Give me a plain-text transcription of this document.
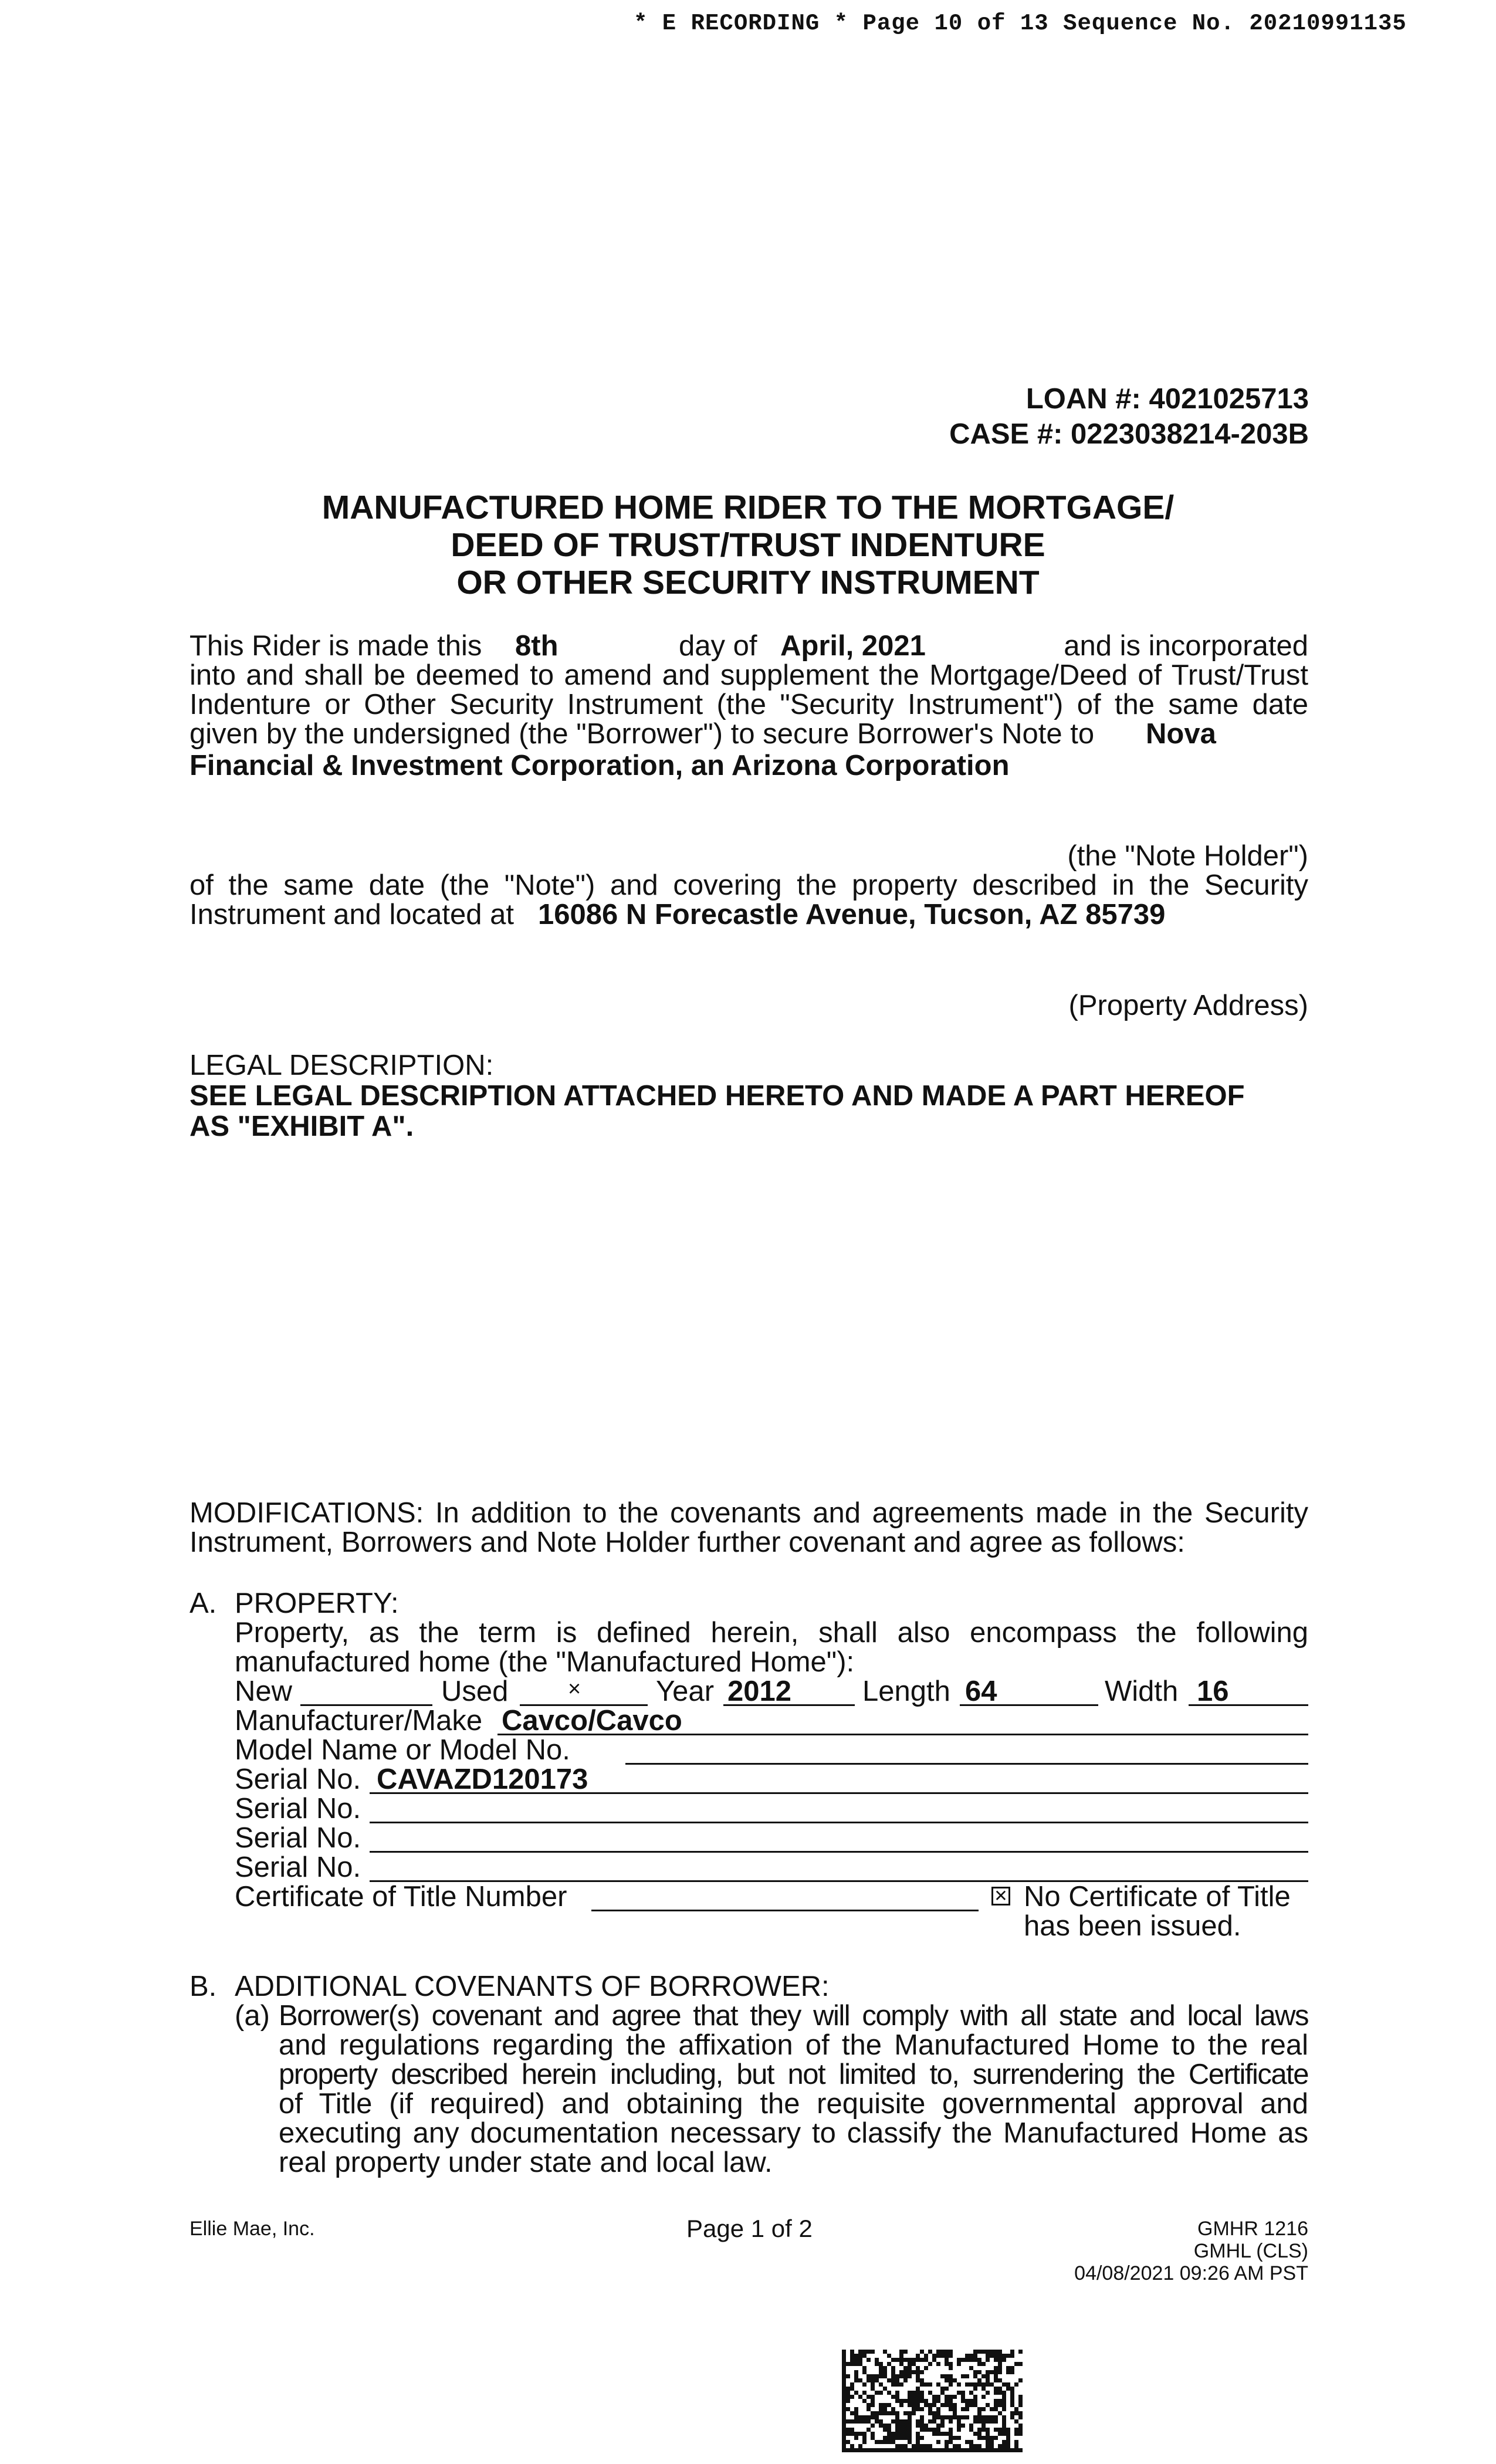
* E RECORDING * Page 10 of 13 Sequence No. 20210991135
LOAN #: 4021025713
CASE #: 0223038214-203B
MANUFACTURED HOME RIDER TO THE MORTGAGE/
DEED OF TRUST/TRUST INDENTURE
OR OTHER SECURITY INSTRUMENT
This Rider is made this 8th	day of April, 2021	and is incorporated
into and shall be deemed to amend and supplement the Mortgage/Deed of Trust/Trust
Indenture or Other Security Instrument (the "Security Instrument") of the same date
given by the undersigned (the "Borrower") to secure Borrower's Note to Nova
Financial & Investment Corporation, an Arizona Corporation
(the "Note Holder")
of the same date (the "Note") and covering the property described in the Security
Instrument and located at 16086 N Forecastle Avenue, Tucson, AZ 85739
(Property Address)
LEGAL DESCRIPTION:
SEE LEGAL DESCRIPTION ATTACHED HERETO AND MADE A PART HEREOF
AS "EXHIBIT A".
MODIFICATIONS: In addition to the covenants and agreements made in the Security
Instrument, Borrowers and Note Holder further covenant and agree as follows:
A. PROPERTY:
Property, as the term is defined herein, shall also encompass the following
manufactured home (the "Manufactured Home"):
New	Used	×	Year 2012 Length 64	Width 16
Manufacturer/Make Cavco/Cavco
Model Name or Model No.
Serial No. CAVAZD120173
Serial No.
Serial No.
Serial No.
Certificate of Title Number	✕ No Certificate of Title
has been issued.
B. ADDITIONAL COVENANTS OF BORROWER:
(a) Borrower(s) covenant and agree that they will comply with all state and local laws
and regulations regarding the affixation of the Manufactured Home to the real
property described herein including, but not limited to, surrendering the Certificate
of Title (if required) and obtaining the requisite governmental approval and
executing any documentation necessary to classify the Manufactured Home as
real property under state and local law.
Ellie Mae, Inc.	Page 1 of 2	GMHR 1216
GMHL (CLS)
04/08/2021 09:26 AM PST
